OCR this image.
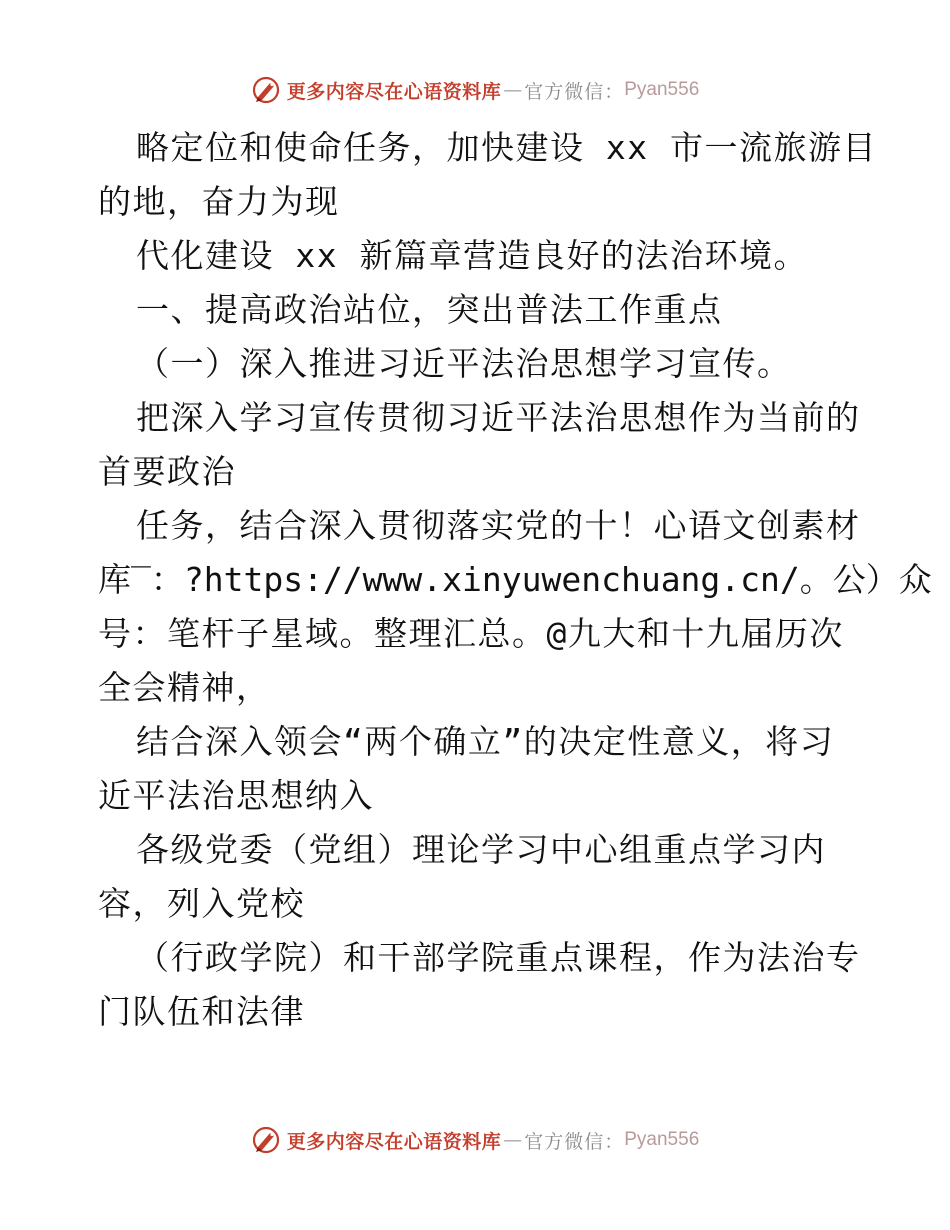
更多内容尽在心语资料库 — 官方微信： Pyan556
略定位和使命任务，加快建设 xx 市一流旅游目
的地，奋力为现
代化建设 xx 新篇章营造良好的法治环境。
一、提高政治站位，突出普法工作重点
（一）深入推进习近平法治思想学习宣传。
把深入学习宣传贯彻习近平法治思想作为当前的
首要政治
任务，结合深入贯彻落实党的十！心语文创素材
库‾：?https://www.xinyuwenchuang.cn/。公）众
号：笔杆子星域。整理汇总。@九大和十九届历次
全会精神，
结合深入领会“两个确立”的决定性意义，将习
近平法治思想纳入
各级党委（党组）理论学习中心组重点学习内
容，列入党校
（行政学院）和干部学院重点课程，作为法治专
门队伍和法律
更多内容尽在心语资料库 — 官方微信： Pyan556
